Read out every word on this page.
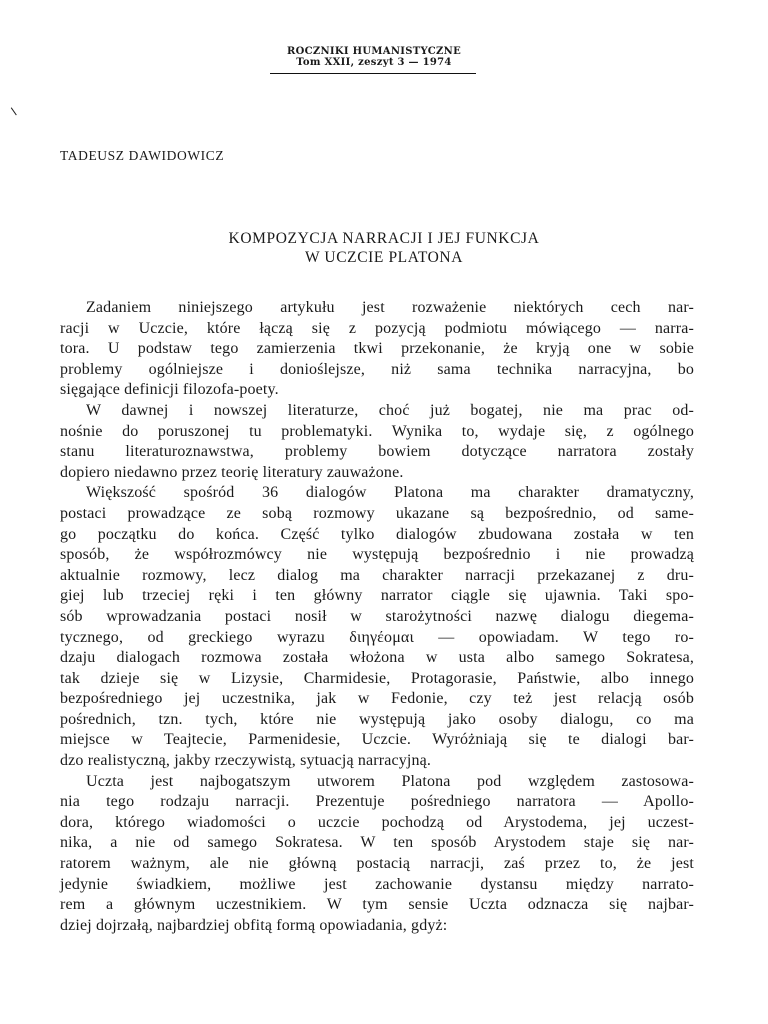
ROCZNIKI HUMANISTYCZNE
Tom XXII, zeszyt 3 — 1974
TADEUSZ DAWIDOWICZ
KOMPOZYCJA NARRACJI I JEJ FUNKCJA
W UCZCIE PLATONA
Zadaniem niniejszego artykułu jest rozważenie niektórych cech nar-
racji w Uczcie, które łączą się z pozycją podmiotu mówiącego — narra-
tora. U podstaw tego zamierzenia tkwi przekonanie, że kryją one w sobie
problemy ogólniejsze i donioślejsze, niż sama technika narracyjna, bo
sięgające definicji filozofa-poety.
W dawnej i nowszej literaturze, choć już bogatej, nie ma prac od-
nośnie do poruszonej tu problematyki. Wynika to, wydaje się, z ogólnego
stanu literaturoznawstwa, problemy bowiem dotyczące narratora zostały
dopiero niedawno przez teorię literatury zauważone.
Większość spośród 36 dialogów Platona ma charakter dramatyczny,
postaci prowadzące ze sobą rozmowy ukazane są bezpośrednio, od same-
go początku do końca. Część tylko dialogów zbudowana została w ten
sposób, że współrozmówcy nie występują bezpośrednio i nie prowadzą
aktualnie rozmowy, lecz dialog ma charakter narracji przekazanej z dru-
giej lub trzeciej ręki i ten główny narrator ciągle się ujawnia. Taki spo-
sób wprowadzania postaci nosił w starożytności nazwę dialogu diegema-
tycznego, od greckiego wyrazu διηγέομαι — opowiadam. W tego ro-
dzaju dialogach rozmowa została włożona w usta albo samego Sokratesa,
tak dzieje się w Lizysie, Charmidesie, Protagorasie, Państwie, albo innego
bezpośredniego jej uczestnika, jak w Fedonie, czy też jest relacją osób
pośrednich, tzn. tych, które nie występują jako osoby dialogu, co ma
miejsce w Teajtecie, Parmenidesie, Uczcie. Wyróżniają się te dialogi bar-
dzo realistyczną, jakby rzeczywistą, sytuacją narracyjną.
Uczta jest najbogatszym utworem Platona pod względem zastosowa-
nia tego rodzaju narracji. Prezentuje pośredniego narratora — Apollo-
dora, którego wiadomości o uczcie pochodzą od Arystodema, jej uczest-
nika, a nie od samego Sokratesa. W ten sposób Arystodem staje się nar-
ratorem ważnym, ale nie główną postacią narracji, zaś przez to, że jest
jedynie świadkiem, możliwe jest zachowanie dystansu między narrato-
rem a głównym uczestnikiem. W tym sensie Uczta odznacza się najbar-
dziej dojrzałą, najbardziej obfitą formą opowiadania, gdyż:
